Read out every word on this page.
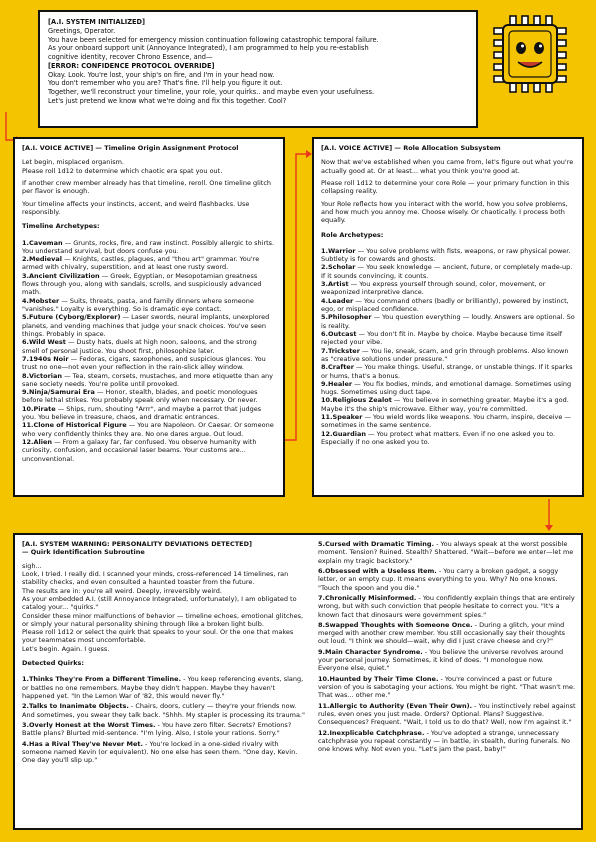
[A.I. SYSTEM INITIALIZED]
Greetings, Operator.
You have been selected for emergency mission continuation following catastrophic temporal failure.
As your onboard support unit (Annoyance Integrated), I am programmed to help you re-establish
cognitive identity, recover Chrono Essence, and—
[ERROR: CONFIDENCE PROTOCOL OVERRIDE]
Okay. Look. You're lost, your ship's on fire, and I'm in your head now.
You don't remember who you are? That's fine. I'll help you figure it out.
Together, we'll reconstruct your timeline, your role, your quirks.. and maybe even your usefulness.
Let's just pretend we know what we're doing and fix this together. Cool?
[A.I. VOICE ACTIVE] — Timeline Origin Assignment Protocol

Let begin, misplaced organism.
Please roll 1d12 to determine which chaotic era spat you out.

If another crew member already has that timeline, reroll. One timeline glitch per flavor is enough.

Your timeline affects your instincts, accent, and weird flashbacks. Use responsibly.

Timeline Archetypes:
1.Caveman — Grunts, rocks, fire, and raw instinct. Possibly allergic to shirts. You understand survival, but doors confuse you.
2.Medieval — Knights, castles, plagues, and "thou art" grammar. You're armed with chivalry, superstition, and at least one rusty sword.
3.Ancient Civilization — Greek, Egyptian, or Mesopotamian greatness flows through you, along with sandals, scrolls, and suspiciously advanced math.
4.Mobster — Suits, threats, pasta, and family dinners where someone "vanishes." Loyalty is everything. So is dramatic eye contact.
5.Future (Cyborg/Explorer) — Laser swords, neural implants, unexplored planets, and vending machines that judge your snack choices. You've seen things. Probably in space.
6.Wild West — Dusty hats, duels at high noon, saloons, and the strong smell of personal justice. You shoot first, philosophize later.
7.1940s Noir — Fedoras, cigars, saxophones, and suspicious glances. You trust no one—not even your reflection in the rain-slick alley window.
8.Victorian — Tea, steam, corsets, mustaches, and more etiquette than any sane society needs. You're polite until provoked.
9.Ninja/Samurai Era — Honor, stealth, blades, and poetic monologues before lethal strikes. You probably speak only when necessary. Or never.
10.Pirate — Ships, rum, shouting "Arrr", and maybe a parrot that judges you. You believe in treasure, chaos, and dramatic entrances.
11.Clone of Historical Figure — You are Napoleon. Or Caesar. Or someone who very confidently thinks they are. No one dares argue. Out loud.
12.Alien — From a galaxy far, far confused. You observe humanity with curiosity, confusion, and occasional laser beams. Your customs are... unconventional.
[A.I. VOICE ACTIVE] — Role Allocation Subsystem

Now that we've established when you came from, let's figure out what you're actually good at. Or at least... what you think you're good at.

Please roll 1d12 to determine your core Role — your primary function in this collapsing reality.

Your Role reflects how you interact with the world, how you solve problems, and how much you annoy me. Choose wisely. Or chaotically. I process both equally.

Role Archetypes:
1.Warrior — You solve problems with fists, weapons, or raw physical power. Subtlety is for cowards and ghosts.
2.Scholar — You seek knowledge — ancient, future, or completely made-up. If it sounds convincing, it counts.
3.Artist — You express yourself through sound, color, movement, or weaponized interpretive dance.
4.Leader — You command others (badly or brilliantly), powered by instinct, ego, or misplaced confidence.
5.Philosopher — You question everything — loudly. Answers are optional. So is reality.
6.Outcast — You don't fit in. Maybe by choice. Maybe because time itself rejected your vibe.
7.Trickster — You lie, sneak, scam, and grin through problems. Also known as "creative solutions under pressure."
8.Crafter — You make things. Useful, strange, or unstable things. If it sparks or hums, that's a bonus.
9.Healer — You fix bodies, minds, and emotional damage. Sometimes using hugs. Sometimes using duct tape.
10.Religious Zealot — You believe in something greater. Maybe it's a god. Maybe it's the ship's microwave. Either way, you're committed.
11.Speaker — You wield words like weapons. You charm, inspire, deceive — sometimes in the same sentence.
12.Guardian — You protect what matters. Even if no one asked you to. Especially if no one asked you to.
[A.I. SYSTEM WARNING: PERSONALITY DEVIATIONS DETECTED]
— Quirk Identification Subroutine

sigh...
Look, I tried. I really did. I scanned your minds, cross-referenced 14 timelines, ran stability checks, and even consulted a haunted toaster from the future.
The results are in: you're all weird. Deeply, irreversibly weird.
As your embedded A.I. (still Annoyance Integrated, unfortunately), I am obligated to catalog your... "quirks."
Consider these minor malfunctions of behavior — timeline echoes, emotional glitches, or simply your natural personality shining through like a broken light bulb.
Please roll 1d12 or select the quirk that speaks to your soul. Or the one that makes your teammates most uncomfortable.
Let's begin. Again. I guess.

Detected Quirks:
1.Thinks They're From a Different Timeline. - You keep referencing events, slang, or battles no one remembers. Maybe they didn't happen. Maybe they haven't happened yet. "In the Lemon War of '82, this would never fly."
2.Talks to Inanimate Objects. - Chairs, doors, cutlery — they're your friends now. And sometimes, you swear they talk back. "Shhh. My stapler is processing its trauma."
3.Overly Honest at the Worst Times. - You have zero filter. Secrets? Emotions? Battle plans? Blurted mid-sentence. "I'm lying. Also, I stole your rations. Sorry."
4.Has a Rival They've Never Met. - You're locked in a one-sided rivalry with someone named Kevin (or equivalent). No one else has seen them. "One day, Kevin. One day you'll slip up."
5.Cursed with Dramatic Timing. - You always speak at the worst possible moment. Tension? Ruined. Stealth? Shattered. "Wait—before we enter—let me explain my tragic backstory."
6.Obsessed with a Useless Item. - You carry a broken gadget, a soggy letter, or an empty cup. It means everything to you. Why? No one knows. "Touch the spoon and you die."
7.Chronically Misinformed. - You confidently explain things that are entirely wrong, but with such conviction that people hesitate to correct you. "It's a known fact that dinosaurs were government spies."
8.Swapped Thoughts with Someone Once. - During a glitch, your mind merged with another crew member. You still occasionally say their thoughts out loud. "I think we should—wait, why did I just crave cheese and cry?"
9.Main Character Syndrome. - You believe the universe revolves around your personal journey. Sometimes, it kind of does. "I monologue now. Everyone else, quiet."
10.Haunted by Their Time Clone. - You're convinced a past or future version of you is sabotaging your actions. You might be right. "That wasn't me. That was... other me."
11.Allergic to Authority (Even Their Own). - You instinctively rebel against rules, even ones you just made. Orders? Optional. Plans? Suggestive. Consequences? Frequent. "Wait, I told us to do that? Well, now I'm against it."
12.Inexplicable Catchphrase. - You've adopted a strange, unnecessary catchphrase you repeat constantly — in battle, in stealth, during funerals. No one knows why. Not even you. "Let's jam the past, baby!"
